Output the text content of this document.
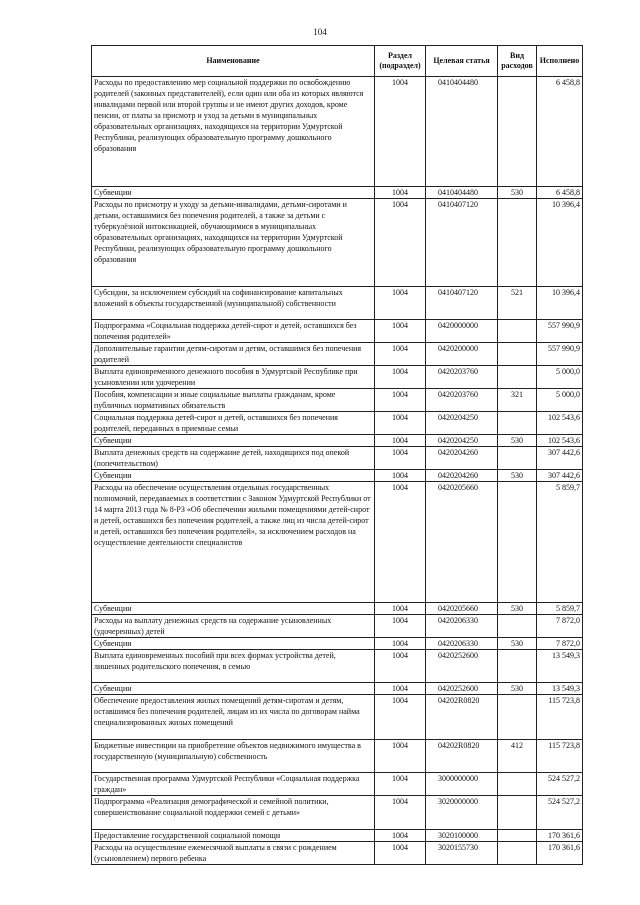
104
Наименование	Раздел (подраздел)	Целевая статья	Вид расходов	Исполнено
Расходы по предоставлению мер социальной поддержки по освобождению родителей (законных представителей), если один или оба из которых являются инвалидами первой или второй группы и не имеют других доходов, кроме пенсии, от платы за присмотр и уход за детьми в муниципальных образовательных организациях, находящихся на территории Удмуртской Республики, реализующих образовательную программу дошкольного образования	1004	0410404480		6 458,8
Субвенции	1004	0410404480	530	6 458,8
Расходы по присмотру и уходу за детьми-инвалидами, детьми-сиротами и детьми, оставшимися без попечения родителей, а также за детьми с туберкулёзной интоксикацией, обучающимися в муниципальных образовательных организациях, находящихся на территории Удмуртской Республики, реализующих образовательную программу дошкольного образования	1004	0410407120		10 396,4
Субсидии, за исключением субсидий на софинансирование капитальных вложений в объекты государственной (муниципальной) собственности	1004	0410407120	521	10 396,4
Подпрограмма «Социальная поддержка детей-сирот и детей, оставшихся без попечения родителей»	1004	0420000000		557 990,9
Дополнительные гарантии детям-сиротам и детям, оставшимся без попечения родителей	1004	0420200000		557 990,9
Выплата единовременного денежного пособия в Удмуртской Республике при усыновлении или удочерении	1004	0420203760		5 000,0
Пособия, компенсации и иные социальные выплаты гражданам, кроме публичных нормативных обязательств	1004	0420203760	321	5 000,0
Социальная поддержка детей-сирот и детей, оставшихся без попечения родителей, переданных в приемные семьи	1004	0420204250		102 543,6
Субвенции	1004	0420204250	530	102 543,6
Выплата денежных средств на содержание детей, находящихся под опекой (попечительством)	1004	0420204260		307 442,6
Субвенции	1004	0420204260	530	307 442,6
Расходы на обеспечение осуществления отдельных государственных полномочий, передаваемых в соответствии с Законом Удмуртской Республики от 14 марта 2013 года № 8-РЗ «Об обеспечении жилыми помещениями детей-сирот и детей, оставшихся без попечения родителей, а также лиц из числа детей-сирот и детей, оставшихся без попечения родителей», за исключением расходов на осуществление деятельности специалистов	1004	0420205660		5 859,7
Субвенции	1004	0420205660	530	5 859,7
Расходы на выплату денежных средств на содержание усыновленных (удочеренных) детей	1004	0420206330		7 872,0
Субвенции	1004	0420206330	530	7 872,0
Выплата единовременных пособий при всех формах устройства детей, лишенных родительского попечения, в семью	1004	0420252600		13 549,3
Субвенции	1004	0420252600	530	13 549,3
Обеспечение предоставления жилых помещений детям-сиротам и детям, оставшимся без попечения родителей, лицам из их числа по договорам найма специализированных жилых помещений	1004	04202R0820		115 723,8
Бюджетные инвестиции на приобретение объектов недвижимого имущества в государственную (муниципальную) собственность	1004	04202R0820	412	115 723,8
Государственная программа Удмуртской Республики «Социальная поддержка граждан»	1004	3000000000		524 527,2
Подпрограмма «Реализация демографической и семейной политики, совершенствование социальной поддержки семей с детьми»	1004	3020000000		524 527,2
Предоставление государственной социальной помощи	1004	3020100000		170 361,6
Расходы на осуществление ежемесячной выплаты в связи с рождением (усыновлением) первого ребенка	1004	3020155730		170 361,6
